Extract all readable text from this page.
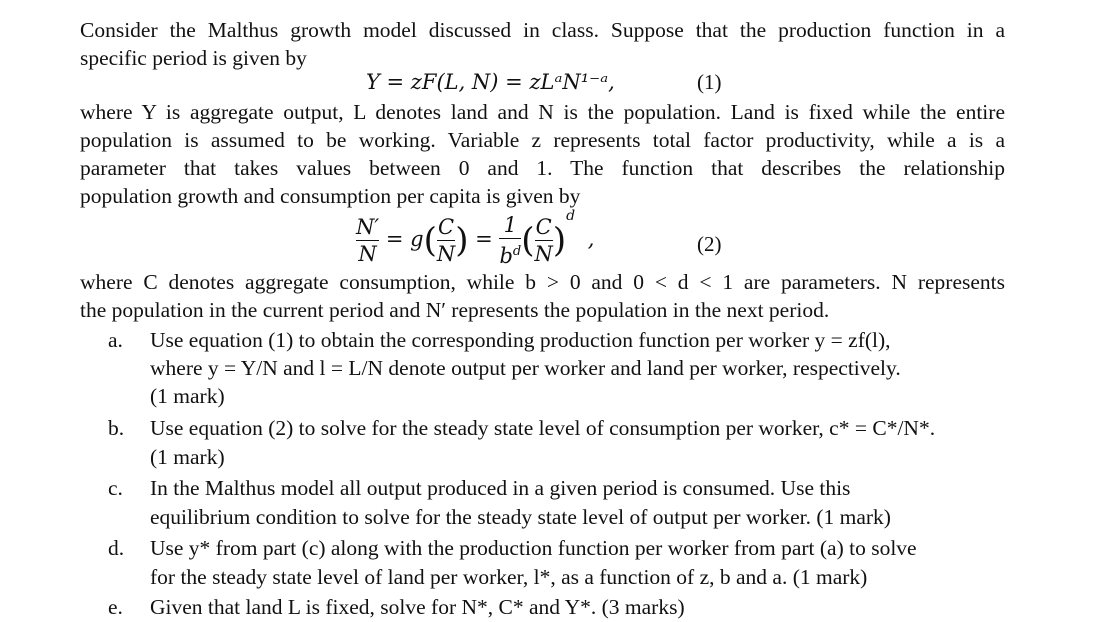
Consider the Malthus growth model discussed in class. Suppose that the production function in a
specific period is given by
Y = zF(L, N) = zLᵃN¹⁻ᵃ,	(1)
where Y is aggregate output, L denotes land and N is the population. Land is fixed while the entire
population is assumed to be working. Variable z represents total factor productivity, while a is a
parameter that takes values between 0 and 1. The function that describes the relationship
population growth and consumption per capita is given by
$\frac{N'}{N} = g( \frac{C}{N}$ ) = $\frac{1}{b^d}$ ( $\frac{C}{N} )^d$ ,	(2)
where C denotes aggregate consumption, while b > 0 and 0 < d < 1 are parameters. N represents
the population in the current period and N′ represents the population in the next period.
a. Use equation (1) to obtain the corresponding production function per worker y = zf(l),
where y = Y/N and l = L/N denote output per worker and land per worker, respectively.
(1 mark)
b. Use equation (2) to solve for the steady state level of consumption per worker, c* = C*/N*.
(1 mark)
c. In the Malthus model all output produced in a given period is consumed. Use this
equilibrium condition to solve for the steady state level of output per worker. (1 mark)
d. Use y* from part (c) along with the production function per worker from part (a) to solve
for the steady state level of land per worker, l*, as a function of z, b and a. (1 mark)
e. Given that land L is fixed, solve for N*, C* and Y*. (3 marks)
